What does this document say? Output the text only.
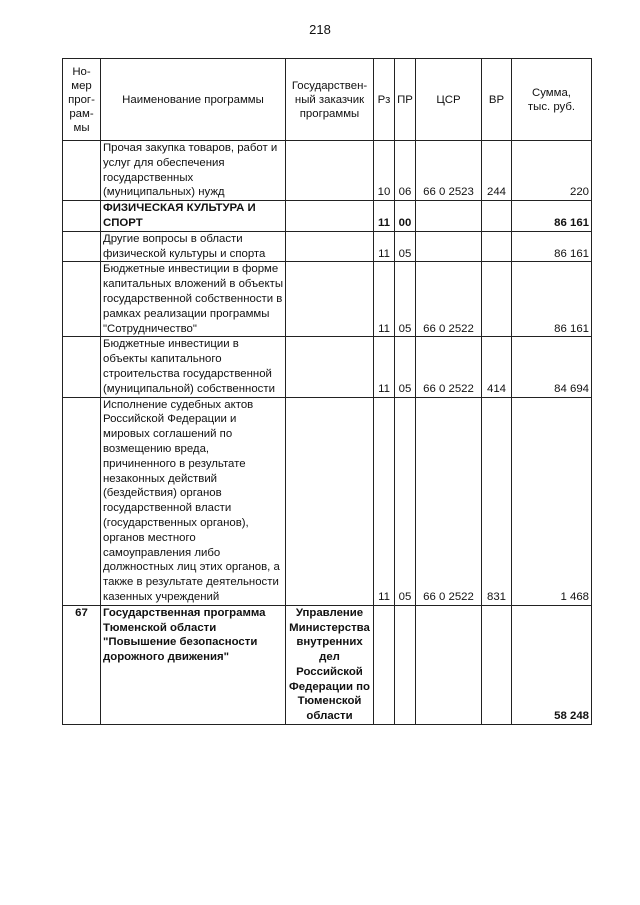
218
Но-
мер
прог-
рам-
мы	Наименование программы	Государствен-
ный заказчик
программы	Рз	ПР	ЦСР	ВР	Сумма,
тыс. руб.
	Прочая закупка товаров, работ и услуг для обеспечения государственных (муниципальных) нужд		10	06	66 0 2523	244	220
	ФИЗИЧЕСКАЯ КУЛЬТУРА И СПОРТ		11	00			86 161
	Другие вопросы в области физической культуры и спорта		11	05			86 161
	Бюджетные инвестиции в форме капитальных вложений в объекты государственной собственности в рамках реализации программы "Сотрудничество"		11	05	66 0 2522		86 161
	Бюджетные инвестиции в объекты капитального строительства государственной (муниципальной) собственности		11	05	66 0 2522	414	84 694
	Исполнение судебных актов Российской Федерации и мировых соглашений по возмещению вреда, причиненного в результате незаконных действий (бездействия) органов государственной власти (государственных органов), органов местного самоуправления либо должностных лиц этих органов, а также в результате деятельности казенных учреждений		11	05	66 0 2522	831	1 468
67	Государственная программа Тюменской области "Повышение безопасности дорожного движения"	Управление Министерства внутренних дел Российской Федерации по Тюменской области					58 248
